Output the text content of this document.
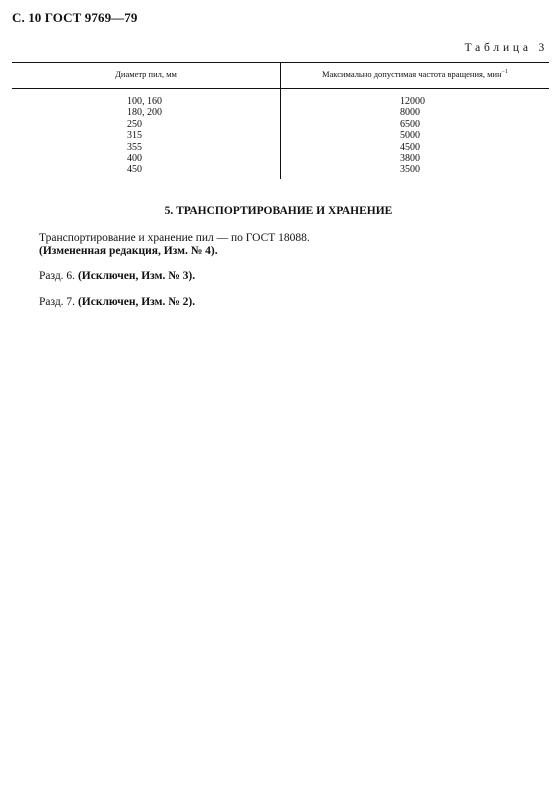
С. 10 ГОСТ 9769—79
Таблица 3
Диаметр пил, мм	Максимально допустимая частота вращения, мин$^{-1}$
100, 160
180, 200
250
315
355
400
450
12000
8000
6500
5000
4500
3800
3500
5. ТРАНСПОРТИРОВАНИЕ И ХРАНЕНИЕ
Транспортирование и хранение пил — по ГОСТ 18088.
(Измененная редакция, Изм. № 4).
Разд. 6. (Исключен, Изм. № 3).
Разд. 7. (Исключен, Изм. № 2).
